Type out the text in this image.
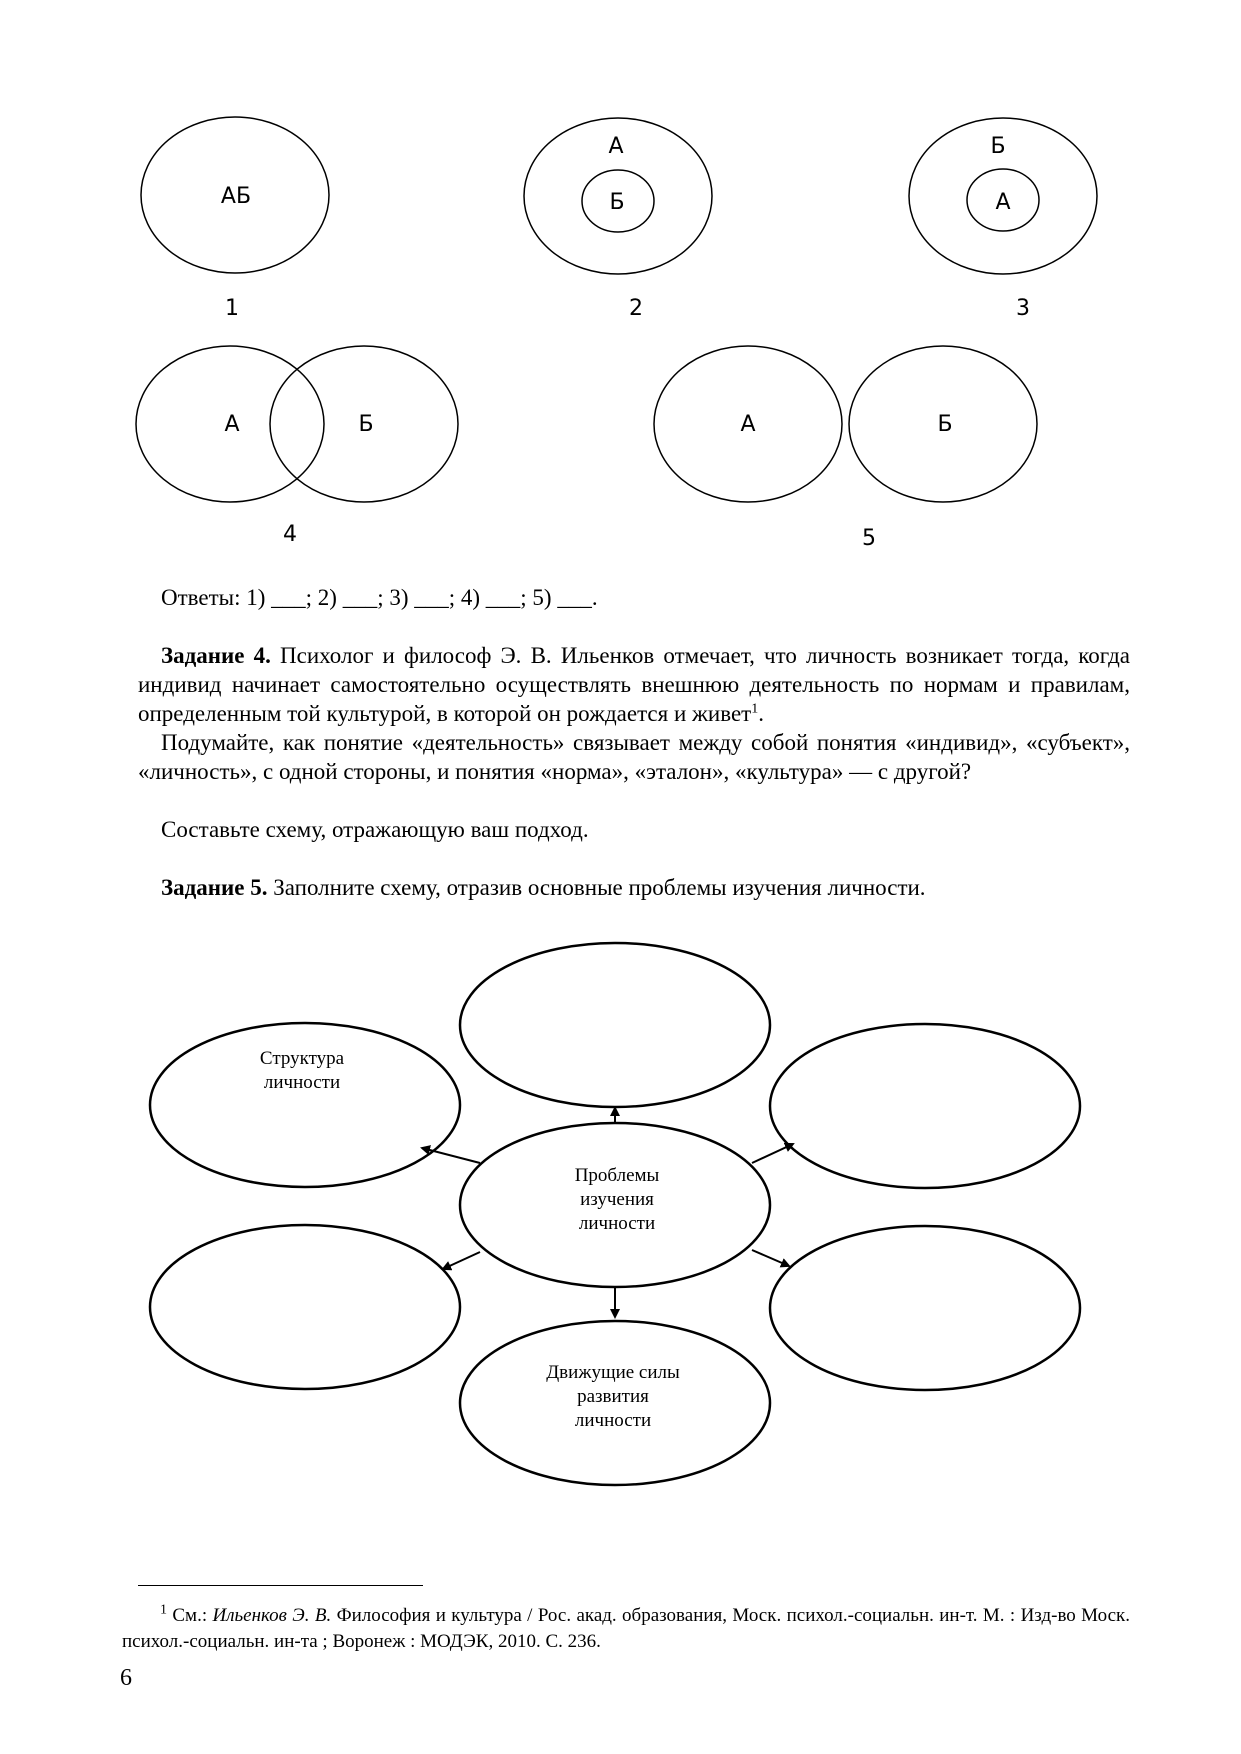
АБ
1
А
Б
2
Б
А
3
А	Б
4
А	Б
5

Ответы: 1) ___; 2) ___; 3) ___; 4) ___; 5) ___.

Задание 4. Психолог и философ Э. В. Ильенков отмечает, что личность возникает тогда, когда индивид начинает самостоятельно осуществлять внешнюю деятельность по нормам и правилам, определенным той культурой, в которой он рождается и живет$^1$.

Подумайте, как понятие «деятельность» связывает между собой понятия «индивид», «субъект», «личность», с одной стороны, и понятия «норма», «эталон», «культура» — с другой?

Составьте схему, отражающую ваш подход.

Задание 5. Заполните схему, отразив основные проблемы изучения личности.

Структура
личности
Проблемы
изучения
личности
Движущие силы
развития
личности

$^1$ См.: Ильенков Э. В. Философия и культура / Рос. акад. образования, Моск. психол.-социальн. ин-т. М. : Изд-во Моск. психол.-социальн. ин-та ; Воронеж : МОДЭК, 2010. С. 236.

6
